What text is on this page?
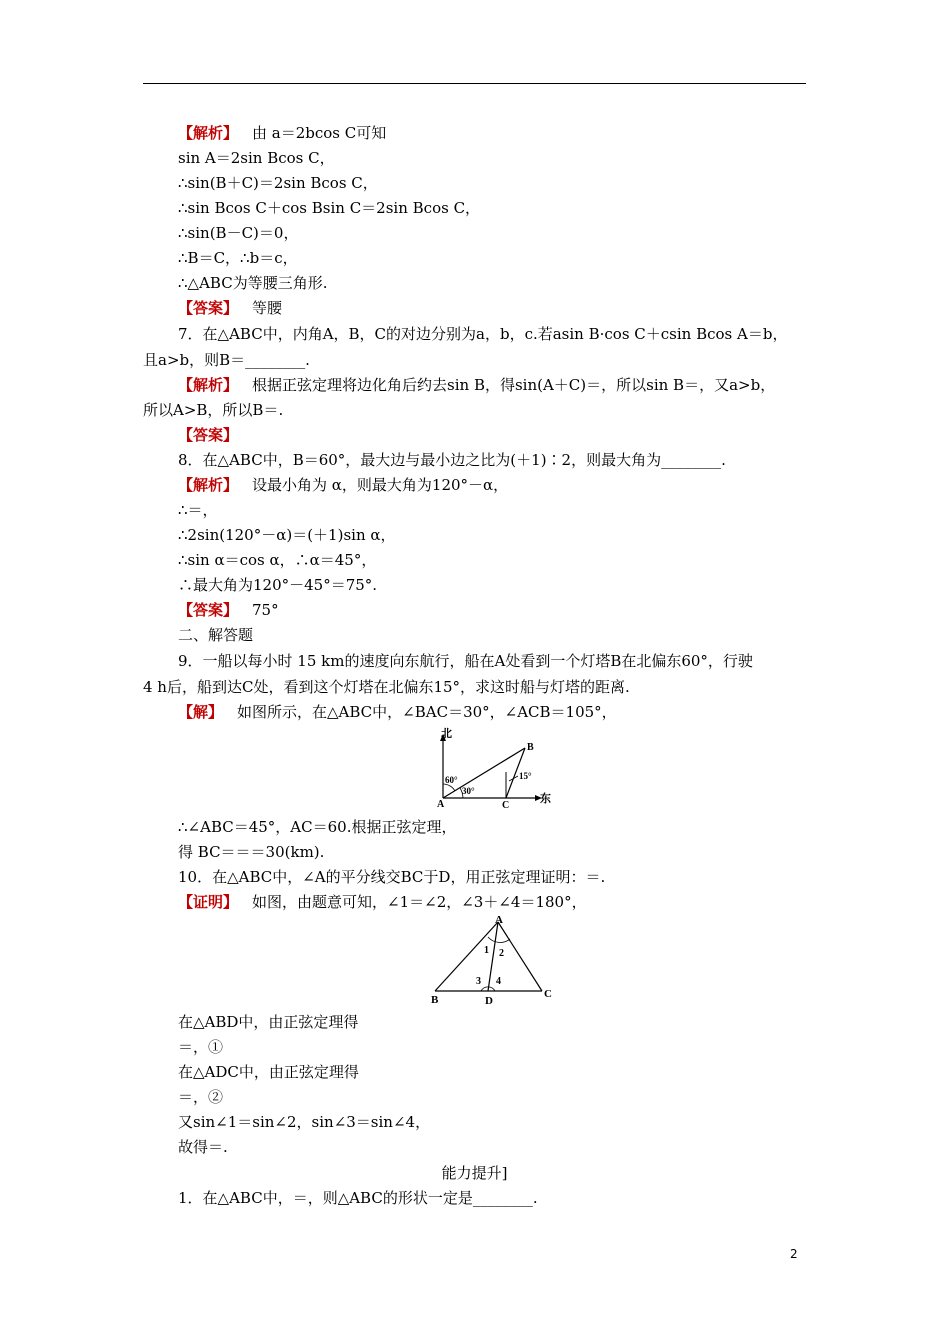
【解析】 由 a＝2bcos C可知
sin A＝2sin Bcos C，
∴sin(B＋C)＝2sin Bcos C，
∴sin Bcos C＋cos Bsin C＝2sin Bcos C，
∴sin(B－C)＝0，
∴B＝C，∴b＝c，
∴△ABC为等腰三角形.
【答案】 等腰
7．在△ABC中，内角A，B，C的对边分别为a，b，c.若asin B·cos C＋csin Bcos A＝b，
且a>b，则B＝________.
【解析】 根据正弦定理将边化角后约去sin B，得sin(A＋C)＝，所以sin B＝，又a>b，
所以A>B，所以B＝.
【答案】
8．在△ABC中，B＝60°，最大边与最小边之比为(＋1)∶2，则最大角为________.
【解析】 设最小角为 α，则最大角为120°－α，
∴＝，
∴2sin(120°－α)＝(＋1)sin α，
∴sin α＝cos α，∴α＝45°，
∴最大角为120°－45°＝75°.
【答案】 75°
二、解答题
9．一船以每小时 15 km的速度向东航行，船在A处看到一个灯塔B在北偏东60°，行驶
4 h后，船到达C处，看到这个灯塔在北偏东15°，求这时船与灯塔的距离.
【解】 如图所示，在△ABC中，∠BAC＝30°，∠ACB＝105°，
北
东
A
B
C
60°
30°
15°
∴∠ABC＝45°，AC＝60.根据正弦定理，
得 BC＝＝＝30(km).
10．在△ABC中，∠A的平分线交BC于D，用正弦定理证明：＝.
【证明】 如图，由题意可知，∠1＝∠2，∠3＋∠4＝180°，
A
B	C
D
1 2
3 4
在△ABD中，由正弦定理得
＝，①
在△ADC中，由正弦定理得
＝，②
又sin∠1＝sin∠2，sin∠3＝sin∠4，
故得＝.
能力提升]
1．在△ABC中，＝，则△ABC的形状一定是________.
2
